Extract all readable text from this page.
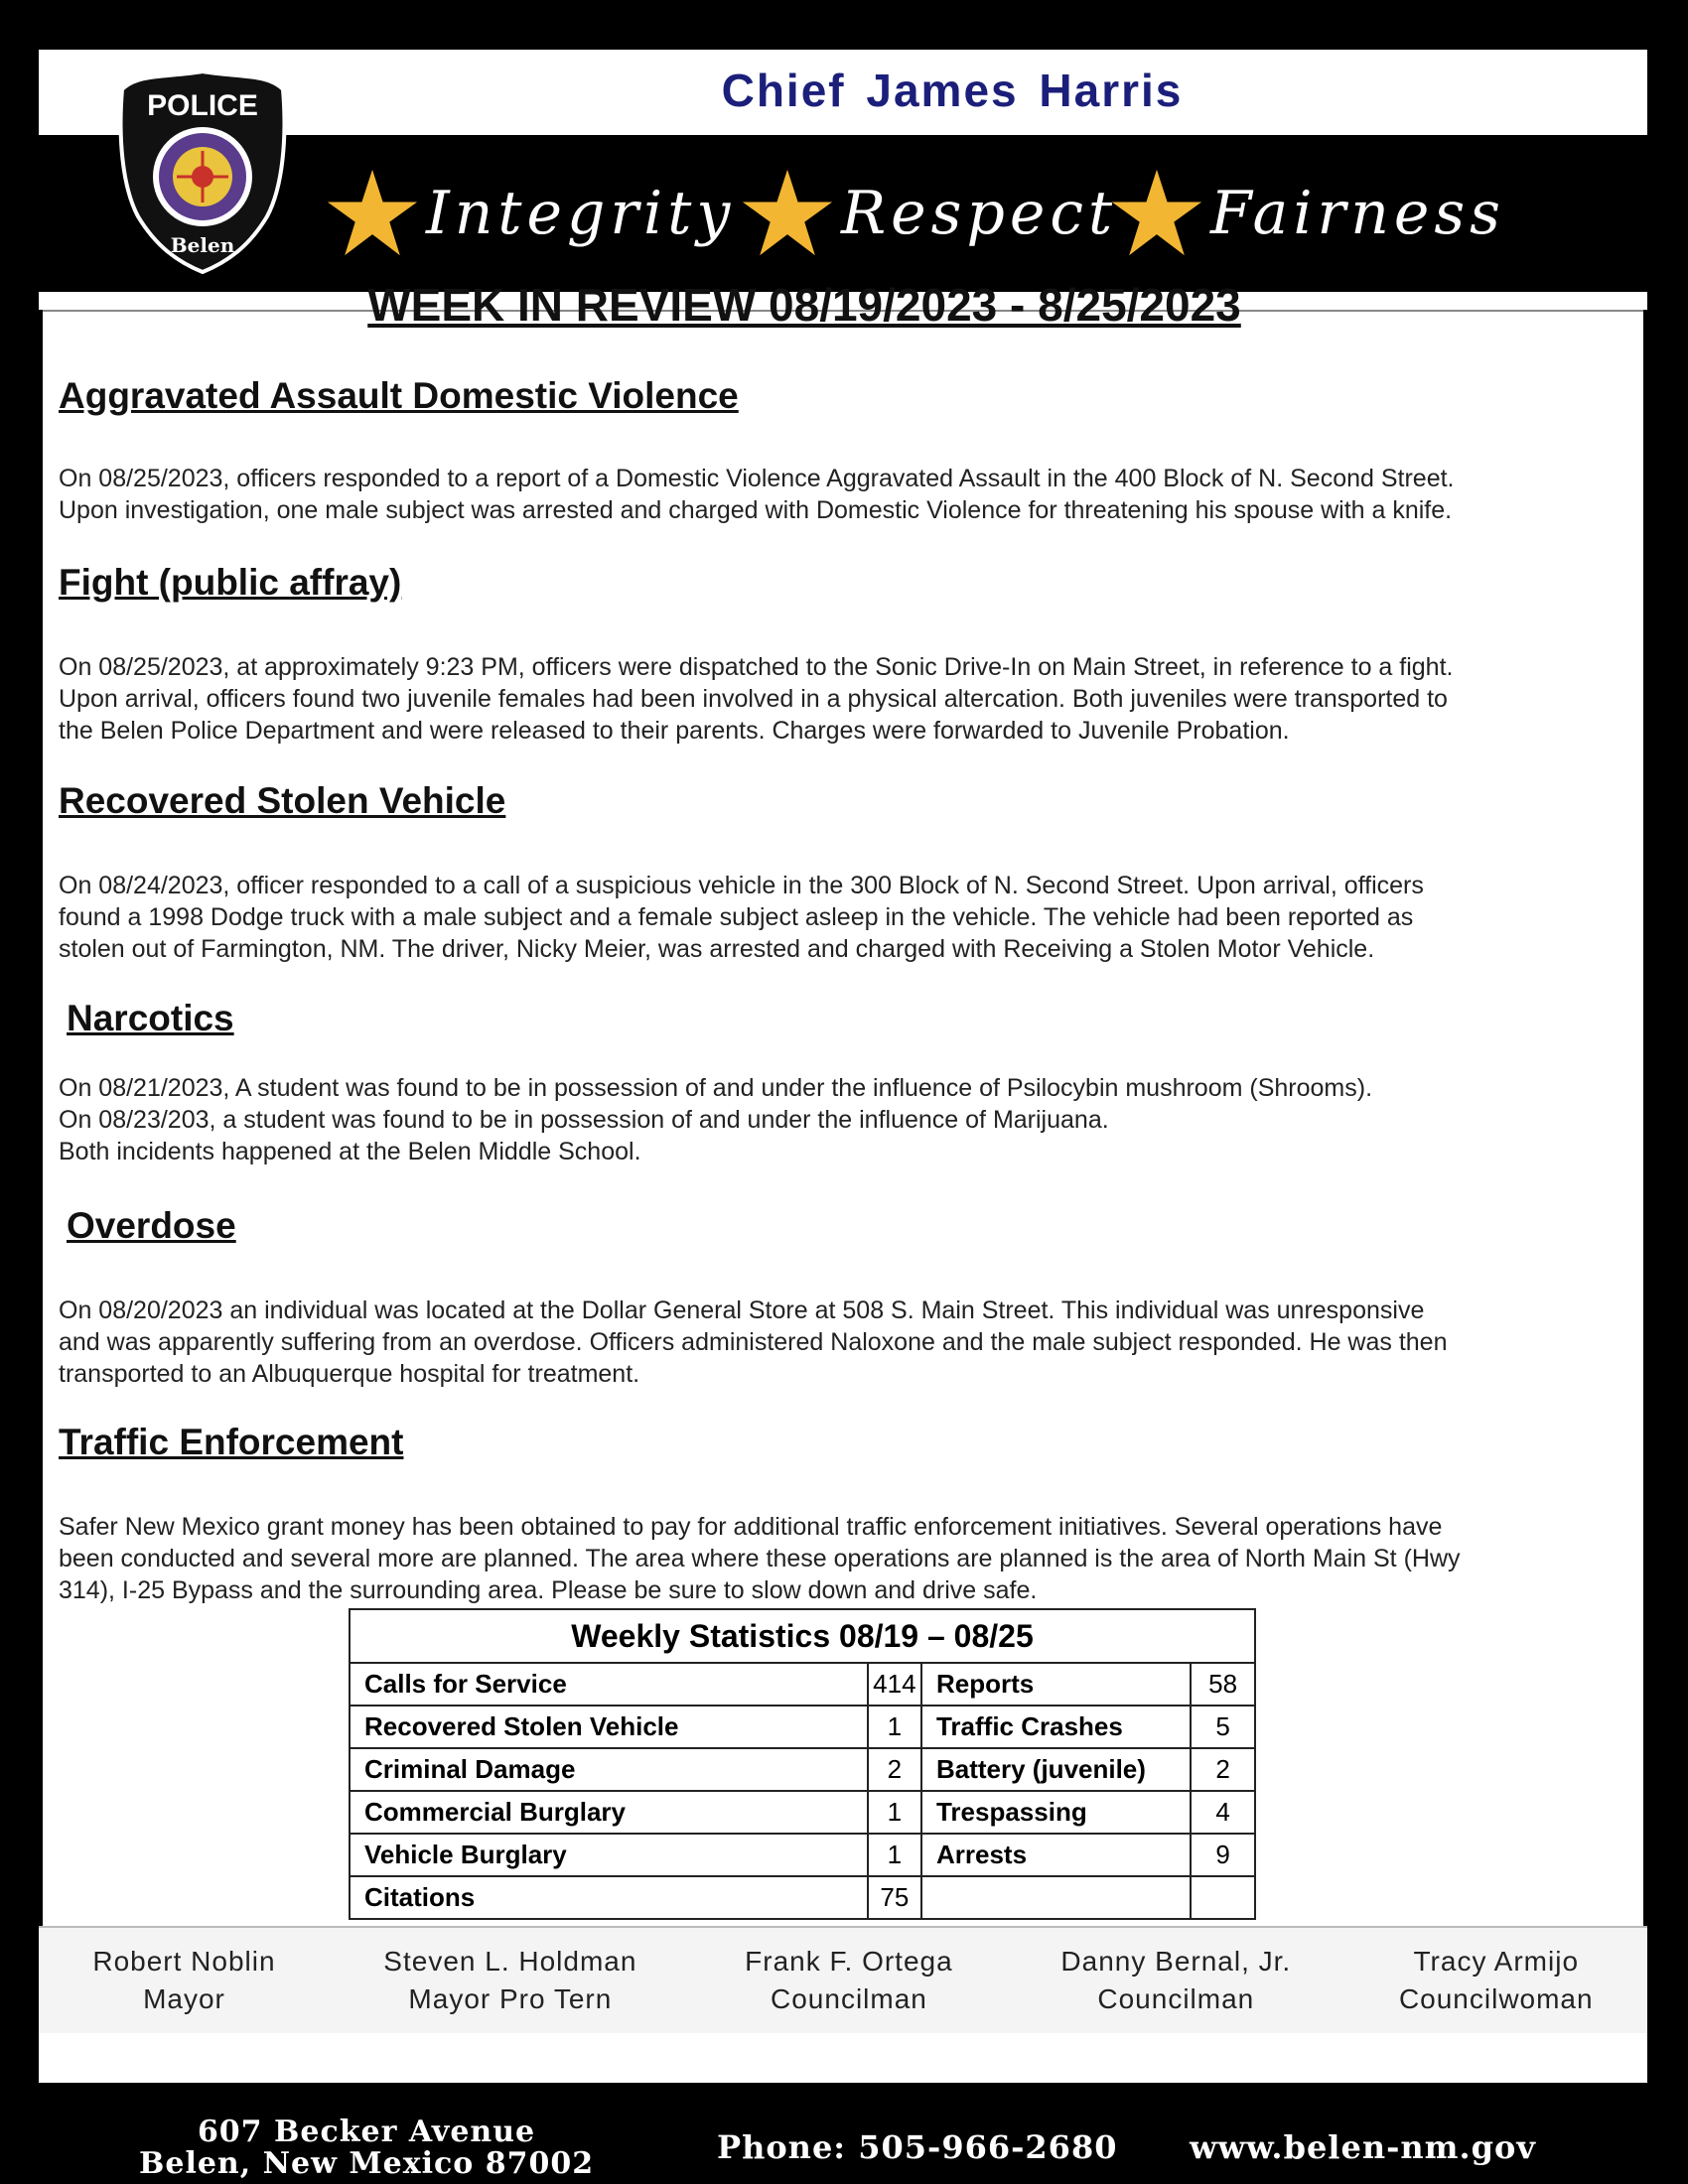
Chief James Harris
Integrity Respect Fairness
POLICE
Belen
WEEK IN REVIEW 08/19/2023 - 8/25/2023
Aggravated Assault Domestic Violence
On 08/25/2023, officers responded to a report of a Domestic Violence Aggravated Assault in the 400 Block of N. Second Street.
Upon investigation, one male subject was arrested and charged with Domestic Violence for threatening his spouse with a knife.
Fight (public affray)
On 08/25/2023, at approximately 9:23 PM, officers were dispatched to the Sonic Drive-In on Main Street, in reference to a fight.
Upon arrival, officers found two juvenile females had been involved in a physical altercation. Both juveniles were transported to
the Belen Police Department and were released to their parents. Charges were forwarded to Juvenile Probation.
Recovered Stolen Vehicle
On 08/24/2023, officer responded to a call of a suspicious vehicle in the 300 Block of N. Second Street. Upon arrival, officers
found a 1998 Dodge truck with a male subject and a female subject asleep in the vehicle. The vehicle had been reported as
stolen out of Farmington, NM. The driver, Nicky Meier, was arrested and charged with Receiving a Stolen Motor Vehicle.
Narcotics
On 08/21/2023, A student was found to be in possession of and under the influence of Psilocybin mushroom (Shrooms).
On 08/23/203, a student was found to be in possession of and under the influence of Marijuana.
Both incidents happened at the Belen Middle School.
Overdose
On 08/20/2023 an individual was located at the Dollar General Store at 508 S. Main Street. This individual was unresponsive
and was apparently suffering from an overdose. Officers administered Naloxone and the male subject responded. He was then
transported to an Albuquerque hospital for treatment.
Traffic Enforcement
Safer New Mexico grant money has been obtained to pay for additional traffic enforcement initiatives. Several operations have
been conducted and several more are planned. The area where these operations are planned is the area of North Main St (Hwy
314), I-25 Bypass and the surrounding area. Please be sure to slow down and drive safe.
Weekly Statistics 08/19 – 08/25			
Calls for Service	414	Reports	58
Recovered Stolen Vehicle	1	Traffic Crashes	5
Criminal Damage	2	Battery (juvenile)	2
Commercial Burglary	1	Trespassing	4
Vehicle Burglary	1	Arrests	9
Citations	75		
Robert Noblin
Mayor
Steven L. Holdman
Mayor Pro Tern
Frank F. Ortega
Councilman
Danny Bernal, Jr.
Councilman
Tracy Armijo
Councilwoman
607 Becker Avenue
Belen, New Mexico 87002	Phone: 505-966-2680 www.belen-nm.gov
